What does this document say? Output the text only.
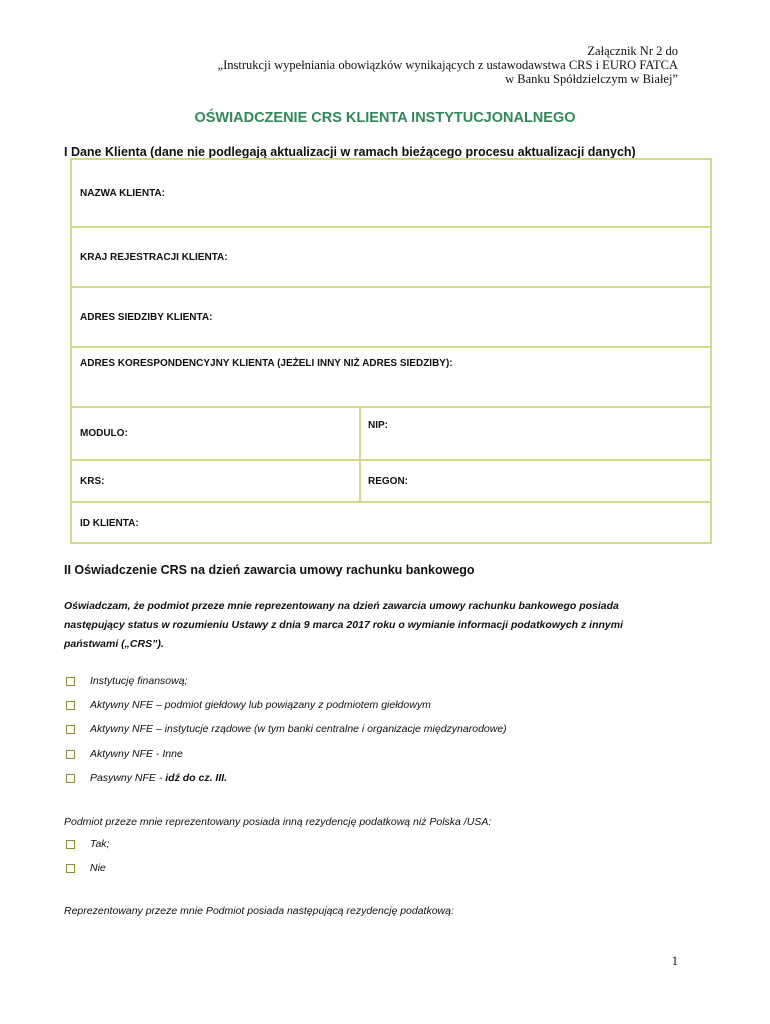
Załącznik Nr 2 do
„Instrukcji wypełniania obowiązków wynikających z ustawodawstwa CRS i EURO FATCA
w Banku Spółdzielczym w Białej”
OŚWIADCZENIE CRS KLIENTA INSTYTUCJONALNEGO
I Dane Klienta (dane nie podlegają aktualizacji w ramach bieżącego procesu aktualizacji danych)
NAZWA KLIENTA:
KRAJ REJESTRACJI KLIENTA:
ADRES SIEDZIBY KLIENTA:
ADRES KORESPONDENCYJNY KLIENTA (JEŻELI INNY NIŻ ADRES SIEDZIBY):
MODULO:
NIP:
KRS:	REGON:
ID KLIENTA:
II Oświadczenie CRS na dzień zawarcia umowy rachunku bankowego
Oświadczam, że podmiot przeze mnie reprezentowany na dzień zawarcia umowy rachunku bankowego posiada
następujący status w rozumieniu Ustawy z dnia 9 marca 2017 roku o wymianie informacji podatkowych z innymi
państwami („CRS”).
Instytucję finansową;
Aktywny NFE – podmiot giełdowy lub powiązany z podmiotem giełdowym
Aktywny NFE – instytucje rządowe (w tym banki centralne i organizacje międzynarodowe)
Aktywny NFE - Inne
Pasywny NFE - idź do cz. III.
Podmiot przeze mnie reprezentowany posiada inną rezydencję podatkową niż Polska /USA:
Tak;
Nie
Reprezentowany przeze mnie Podmiot posiada następującą rezydencję podatkową:
1
